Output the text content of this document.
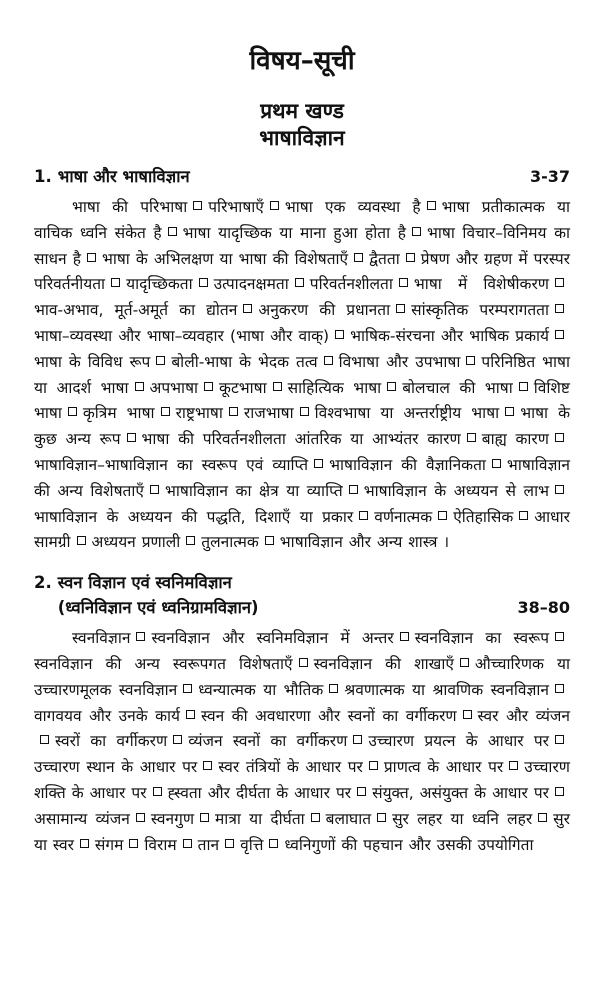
विषय–सूची
प्रथम खण्ड
भाषाविज्ञान
1. भाषा और भाषाविज्ञान	3-37

भाषा की परिभाषा परिभाषाएँ भाषा एक व्यवस्था है भाषा प्रतीकात्मक या वाचिक ध्वनि संकेत है भाषा यादृच्छिक या माना हुआ होता है भाषा विचार–विनिमय का साधन है भाषा के अभिलक्षण या भाषा की विशेषताएँ द्वैतता प्रेषण और ग्रहण में परस्पर परिवर्तनीयता यादृच्छिकता उत्पादनक्षमता परिवर्तनशीलता भाषा में विशेषीकरणभाव-अभाव, मूर्त-अमूर्त का द्योतन अनुकरण की प्रधानता सांस्कृतिक परम्परागतताभाषा–व्यवस्था और भाषा–व्यवहार (भाषा और वाक्) भाषिक-संरचना और भाषिक प्रकार्यभाषा के विविध रूप बोली-भाषा के भेदक तत्व विभाषा और उपभाषा परिनिष्ठित भाषा या आदर्श भाषा अपभाषा कूटभाषा साहित्यिक भाषा बोलचाल की भाषा विशिष्ट भाषा कृत्रिम भाषा राष्ट्रभाषा राजभाषा विश्वभाषा या अन्तर्राष्ट्रीय भाषा भाषा के कुछ अन्य रूप भाषा की परिवर्तनशीलता आंतरिक या आभ्यंतर कारण बाह्य कारणभाषाविज्ञान–भाषाविज्ञान का स्वरूप एवं व्याप्ति भाषाविज्ञान की वैज्ञानिकता भाषाविज्ञान की अन्य विशेषताएँ भाषाविज्ञान का क्षेत्र या व्याप्ति भाषाविज्ञान के अध्ययन से लाभभाषाविज्ञान के अध्ययन की पद्धति, दिशाएँ या प्रकार वर्णनात्मक ऐतिहासिक आधार सामग्री अध्ययन प्रणाली तुलनात्मक भाषाविज्ञान और अन्य शास्त्र ।

2. स्वन विज्ञान एवं स्वनिमविज्ञान
(ध्वनिविज्ञान एवं ध्वनिग्रामविज्ञान)	38–80

स्वनविज्ञान स्वनविज्ञान और स्वनिमविज्ञान में अन्तर स्वनविज्ञान का स्वरूपस्वनविज्ञान की अन्य स्वरूपगत विशेषताएँ स्वनविज्ञान की शाखाएँ औच्चारिणक या उच्चारणमूलक स्वनविज्ञान ध्वन्यात्मक या भौतिक श्रवणात्मक या श्रावणिक स्वनविज्ञानवागवयव और उनके कार्य स्वन की अवधारणा और स्वनों का वर्गीकरण स्वर और व्यंजनस्वरों का वर्गीकरण व्यंजन स्वनों का वर्गीकरण उच्चारण प्रयत्न के आधार परउच्चारण स्थान के आधार पर स्वर तंत्रियों के आधार पर प्राणत्व के आधार पर उच्चारण शक्ति के आधार पर ह्स्वता और दीर्घता के आधार पर संयुक्त, असंयुक्त के आधार परअसामान्य व्यंजन स्वनगुण मात्रा या दीर्घता बलाघात सुर लहर या ध्वनि लहर सुर या स्वर संगम विराम तान वृत्ति ध्वनिगुणों की पहचान और उसकी उपयोगिता
